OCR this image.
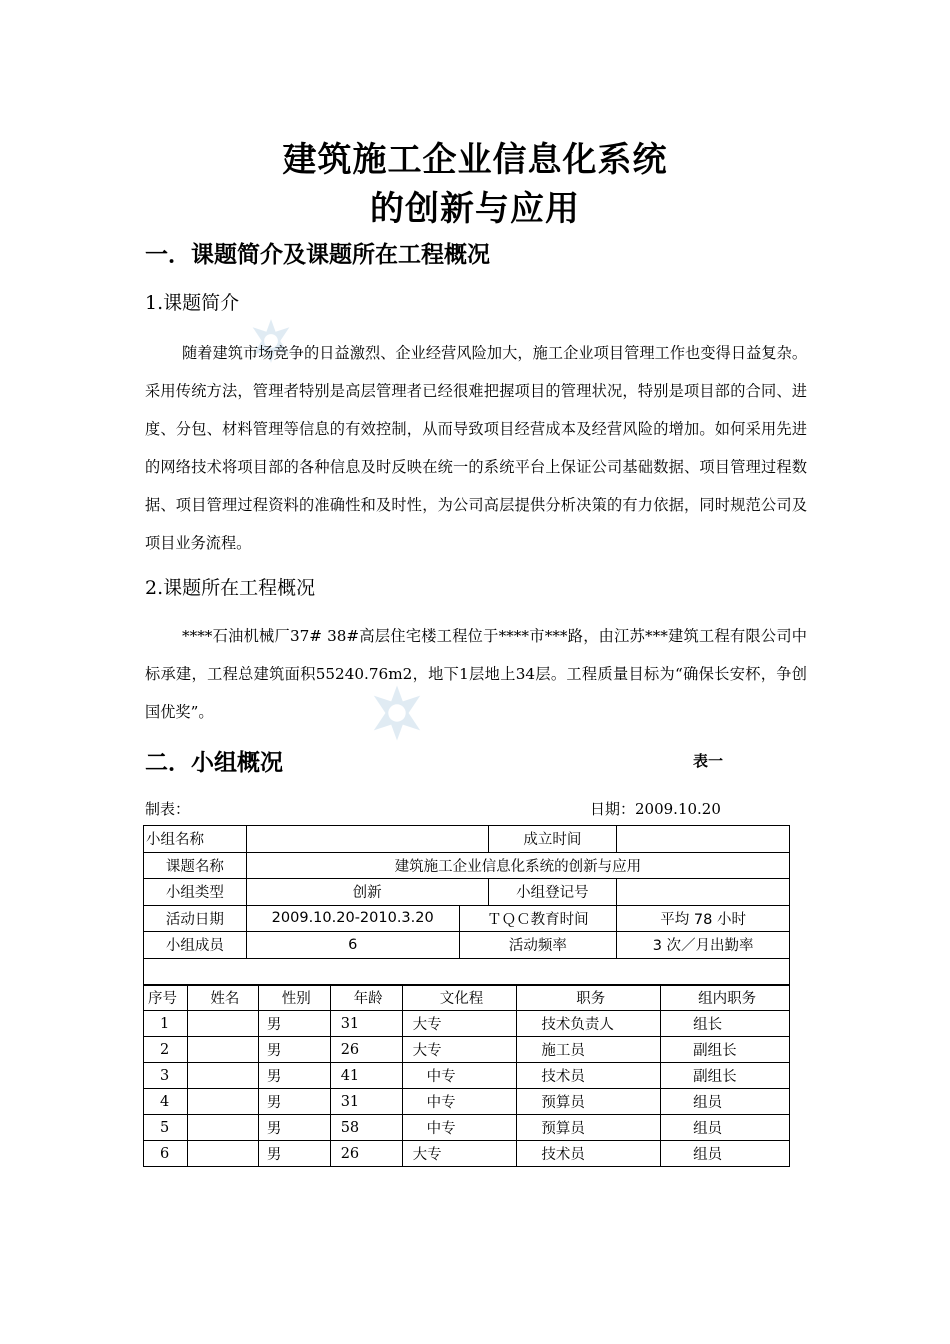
建筑施工企业信息化系统
的创新与应用
一．课题简介及课题所在工程概况
1.课题简介
随着建筑市场竞争的日益激烈、企业经营风险加大，施工企业项目管理工作也变得日益复杂。采用传统方法，管理者特别是高层管理者已经很难把握项目的管理状况，特别是项目部的合同、进度、分包、材料管理等信息的有效控制，从而导致项目经营成本及经营风险的增加。如何采用先进的网络技术将项目部的各种信息及时反映在统一的系统平台上保证公司基础数据、项目管理过程数据、项目管理过程资料的准确性和及时性，为公司高层提供分析决策的有力依据，同时规范公司及项目业务流程。
2.课题所在工程概况
****石油机械厂37# 38#高层住宅楼工程位于****市***路，由江苏***建筑工程有限公司中标承建，工程总建筑面积55240.76m2，地下1层地上34层。工程质量目标为“确保长安杯，争创国优奖”。
二．小组概况	表一
制表：	日期：2009.10.20
小组名称			成立时间	
课题名称	建筑施工企业信息化系统的创新与应用			
小组类型	创新		小组登记号	
活动日期	2009.10.20-2010.3.20	ＴＱＣ教育时间		平均 78 小时
小组成员	6	活动频率		3 次／月出勤率

序号	姓名	性别	年龄	文化程	职务	组内职务
1		男	31	大专	技术负责人	组长
2		男	26	大专	施工员	副组长
3		男	41	中专	技术员	副组长
4		男	31	中专	预算员	组员
5		男	58	中专	预算员	组员
6		男	26	大专	技术员	组员
